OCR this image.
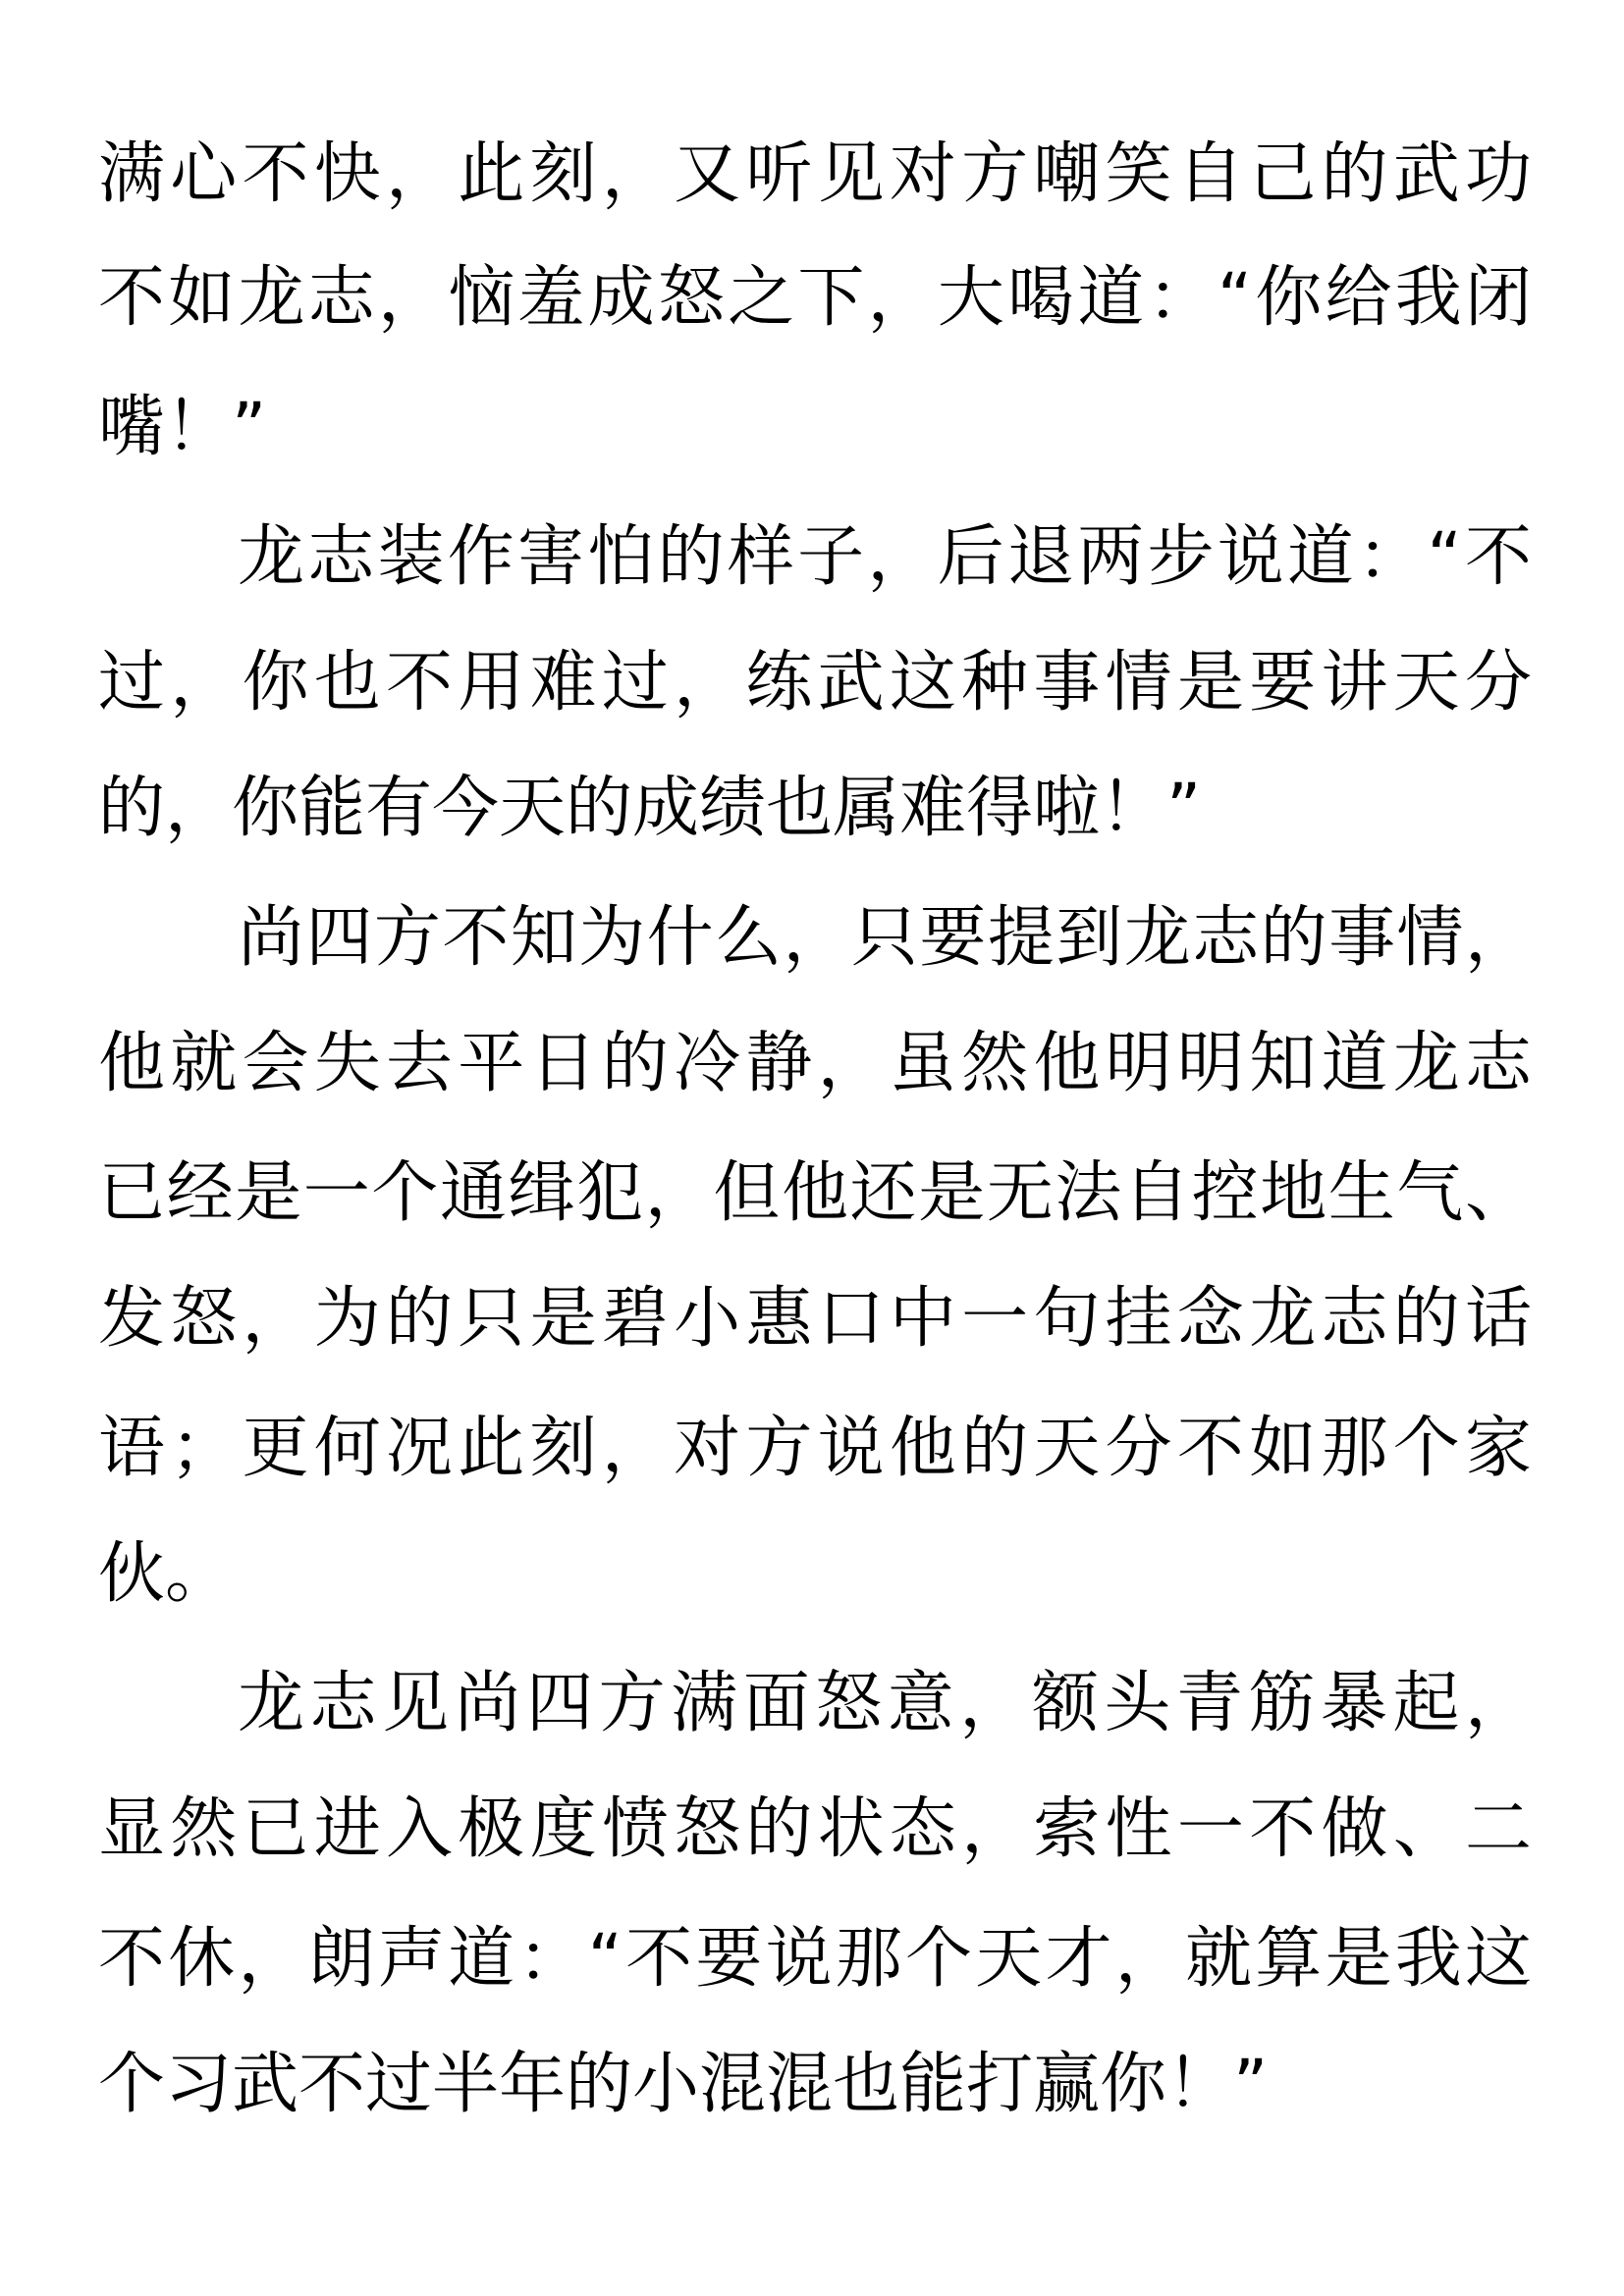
满心不快，此刻，又听见对方嘲笑自己的武功

不如龙志，恼羞成怒之下，大喝道：“你给我闭

嘴！”

龙志装作害怕的样子，后退两步说道：“不

过，你也不用难过，练武这种事情是要讲天分

的，你能有今天的成绩也属难得啦！”

尚四方不知为什么，只要提到龙志的事情，

他就会失去平日的冷静，虽然他明明知道龙志

已经是一个通缉犯，但他还是无法自控地生气、

发怒，为的只是碧小惠口中一句挂念龙志的话

语；更何况此刻，对方说他的天分不如那个家

伙。

龙志见尚四方满面怒意，额头青筋暴起，

显然已进入极度愤怒的状态，索性一不做、二

不休，朗声道：“不要说那个天才，就算是我这

个习武不过半年的小混混也能打赢你！”
